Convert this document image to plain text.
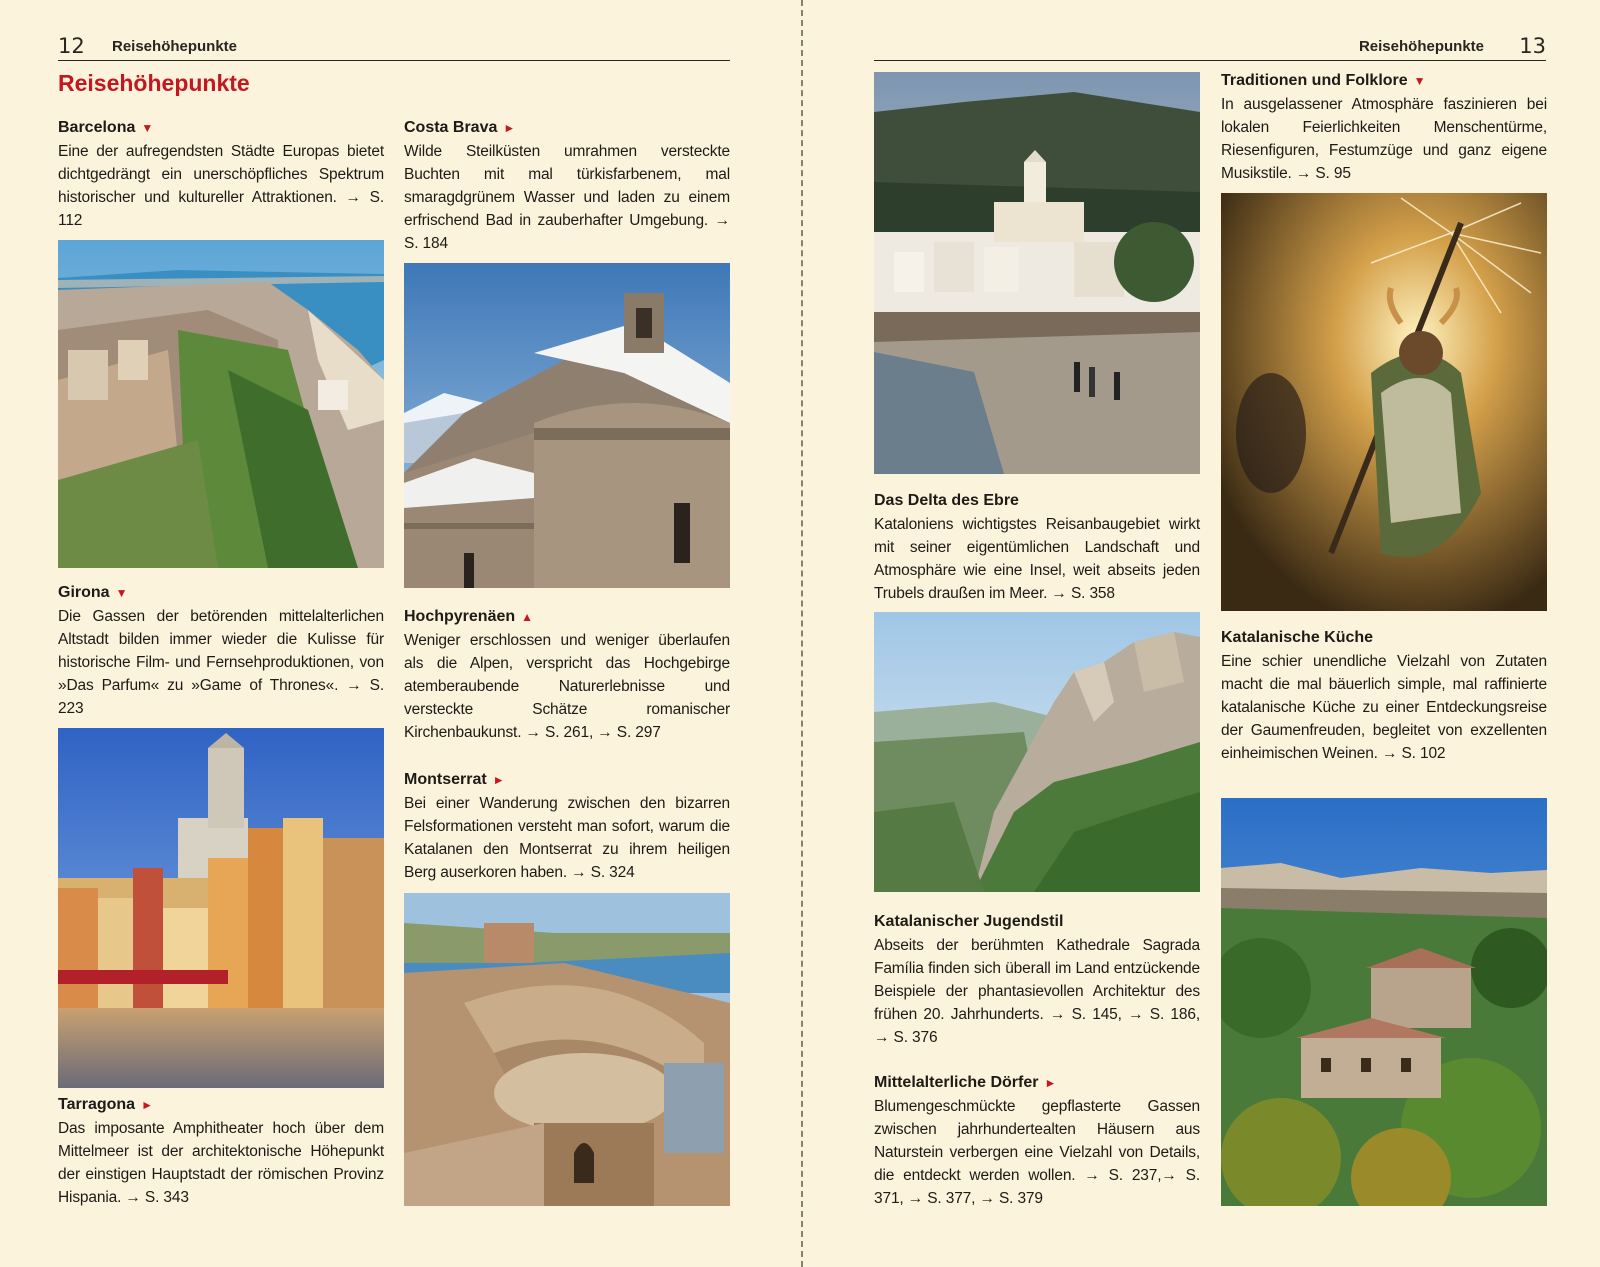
12 Reisehöhepunkte
Reisehöhepunkte
Barcelona ▼

Eine der aufregendsten Städte Europas bietet dichtgedrängt ein unerschöpfliches Spektrum historischer und kultureller Attraktionen. → S. 112

Costa Brava ►

Wilde Steilküsten umrahmen versteckte Buchten mit mal türkisfarbenem, mal smaragdgrünem Wasser und laden zu einem erfrischend Bad in zauberhafter Umgebung. → S. 184

Girona ▼

Die Gassen der betörenden mittelalterlichen Altstadt bilden immer wieder die Kulisse für historische Film- und Fernsehproduktionen, von »Das Parfum« zu »Game of Thrones«. → S. 223

Hochpyrenäen ▲

Weniger erschlossen und weniger überlaufen als die Alpen, verspricht das Hochgebirge atemberaubende Naturerlebnisse und versteckte Schätze romanischer Kirchenbaukunst. → S. 261, → S. 297

Montserrat ►

Bei einer Wanderung zwischen den bizarren Felsformationen versteht man sofort, warum die Katalanen den Montserrat zu ihrem heiligen Berg auserkoren haben. → S. 324

Tarragona ►

Das imposante Amphitheater hoch über dem Mittelmeer ist der architektonische Höhepunkt der einstigen Hauptstadt der römischen Provinz Hispania. → S. 343

Reisehöhepunkte 13
Traditionen und Folklore ▼

In ausgelassener Atmosphäre faszinieren bei lokalen Feierlichkeiten Menschentürme, Riesenfiguren, Festumzüge und ganz eigene Musikstile. → S. 95

Das Delta des Ebre

Kataloniens wichtigstes Reisanbaugebiet wirkt mit seiner eigentümlichen Landschaft und Atmosphäre wie eine Insel, weit abseits jeden Trubels draußen im Meer. → S. 358

Katalanische Küche

Eine schier unendliche Vielzahl von Zutaten macht die mal bäuerlich simple, mal raffinierte katalanische Küche zu einer Entdeckungsreise der Gaumenfreuden, begleitet von exzellenten einheimischen Weinen. → S. 102

Katalanischer Jugendstil

Abseits der berühmten Kathedrale Sagrada Família finden sich überall im Land entzückende Beispiele der phantasievollen Architektur des frühen 20. Jahrhunderts. → S. 145, → S. 186, → S. 376

Mittelalterliche Dörfer ►

Blumengeschmückte gepflasterte Gassen zwischen jahrhundertealten Häusern aus Naturstein verbergen eine Vielzahl von Details, die entdeckt werden wollen. → S. 237,→ S. 371, → S. 377, → S. 379
